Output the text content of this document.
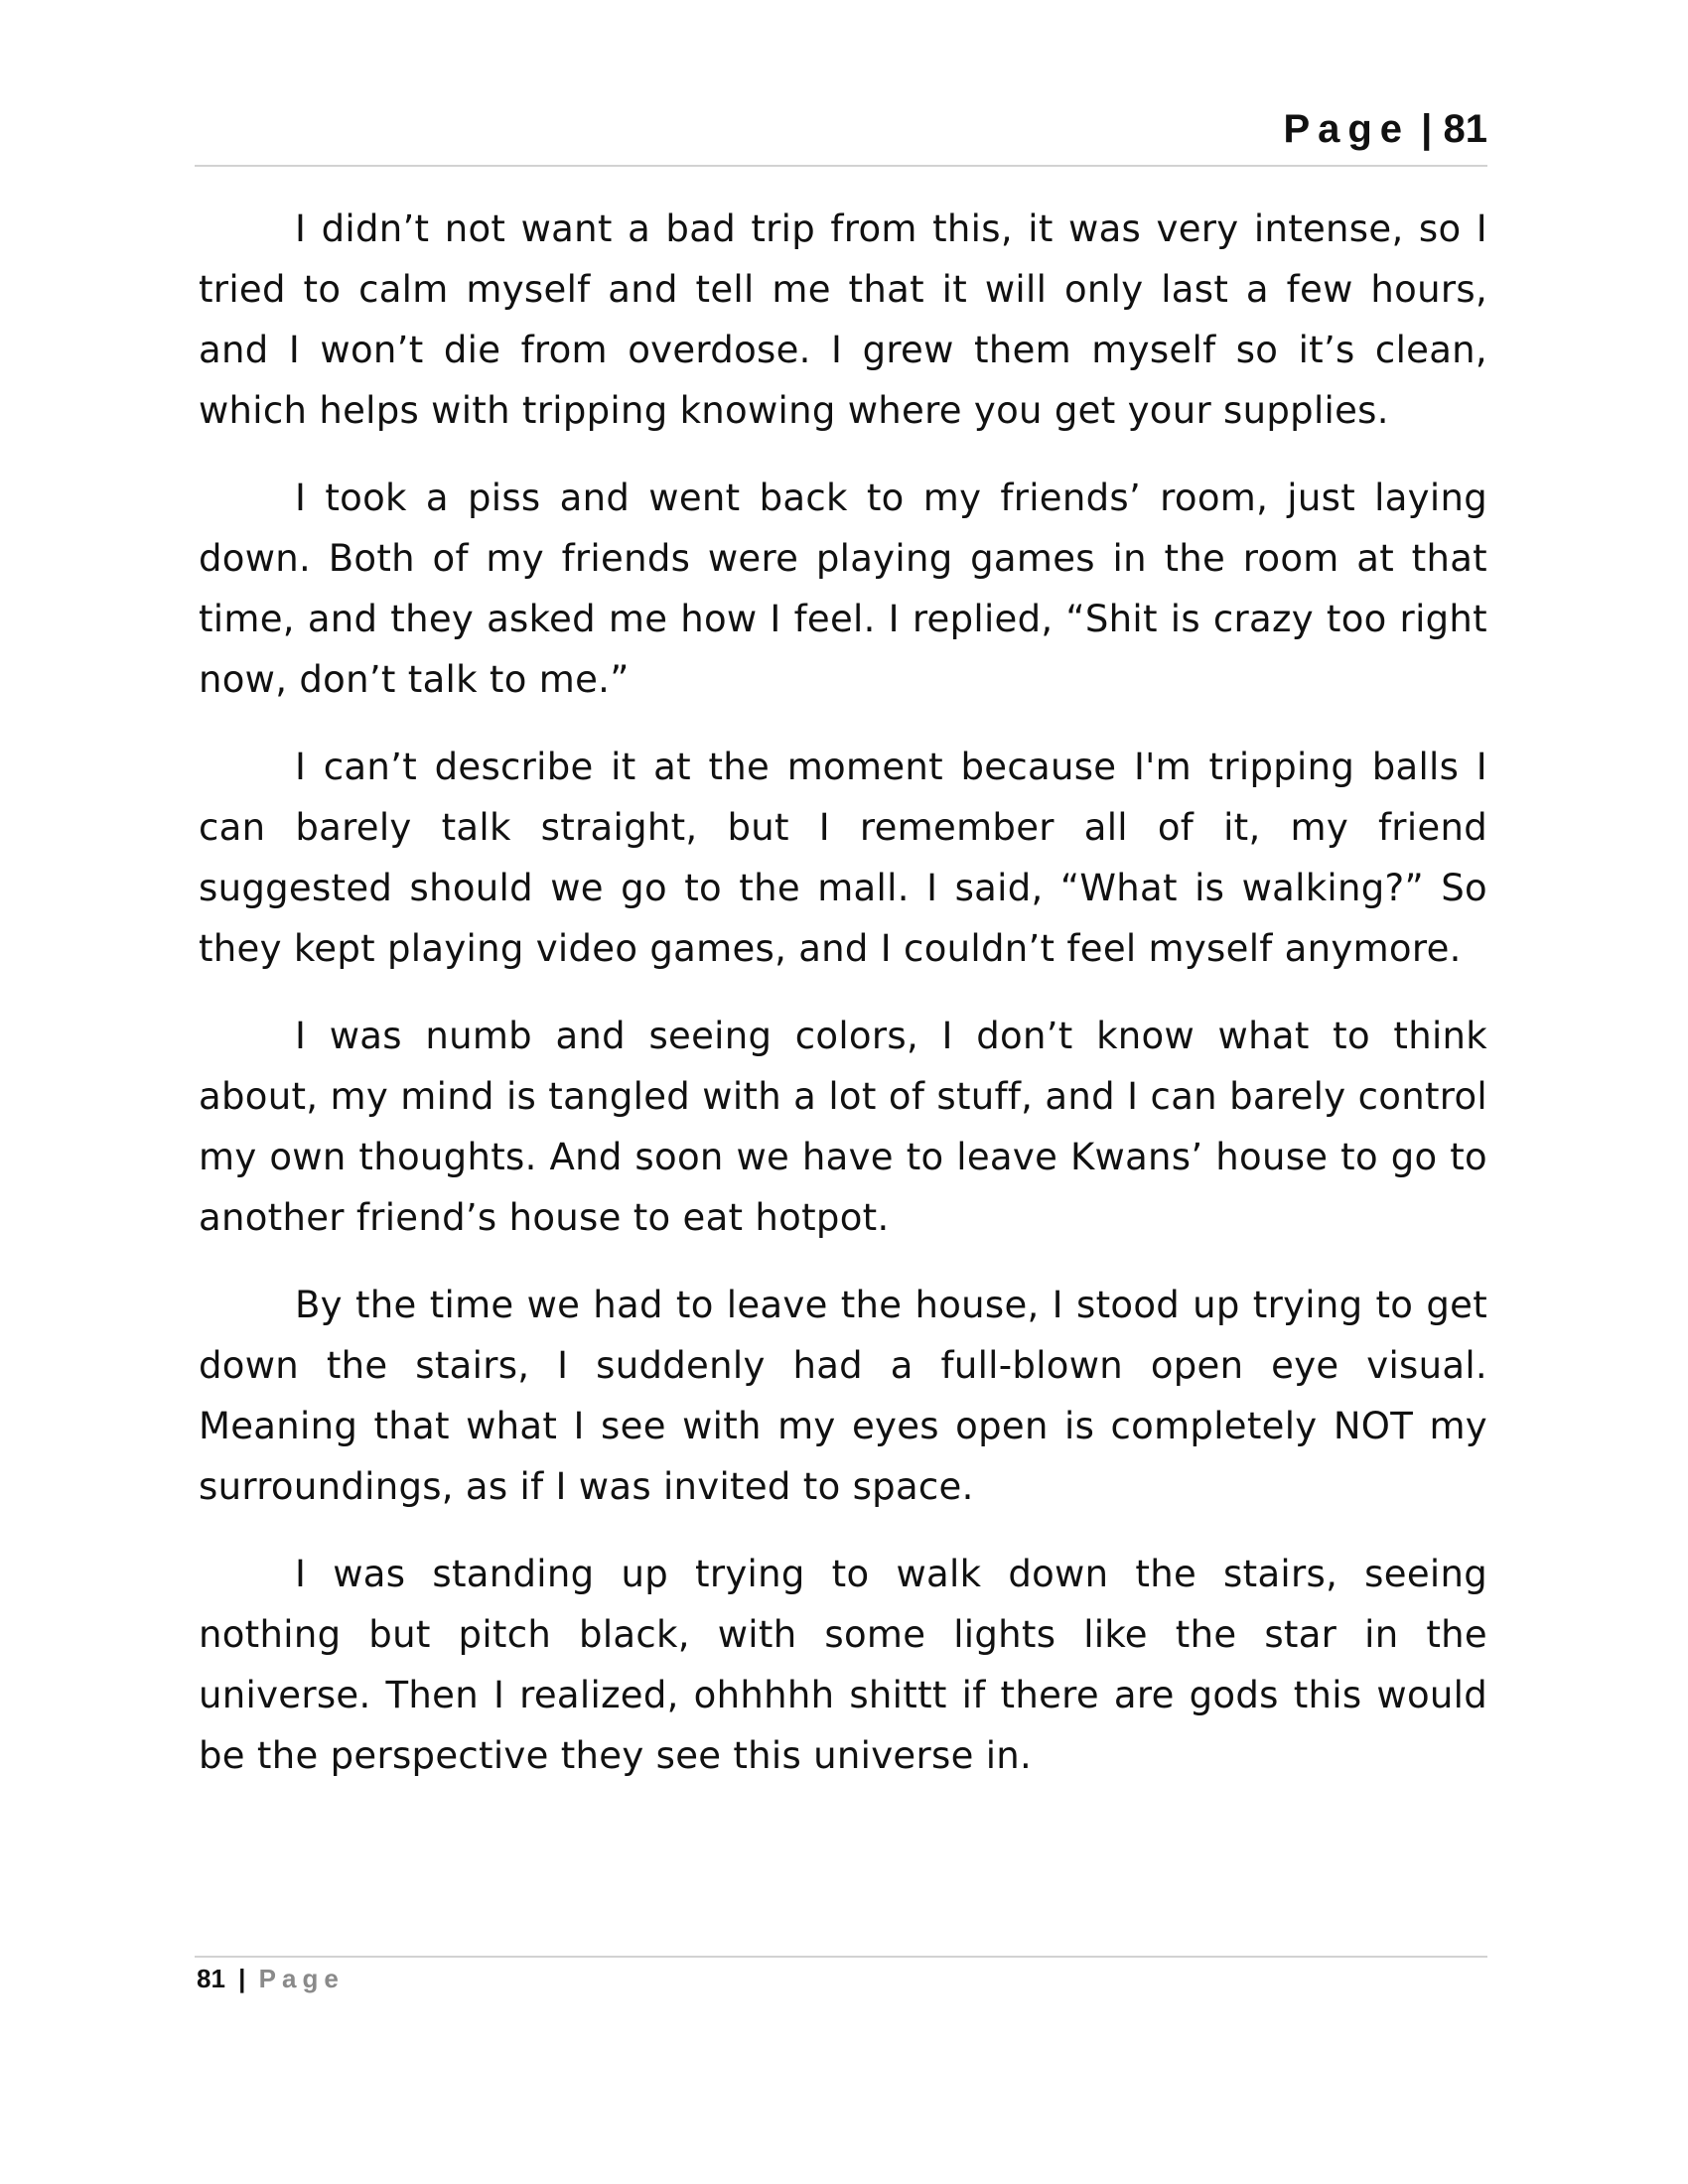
Page | 81

I didn’t not want a bad trip from this, it was very intense, so I tried to calm myself and tell me that it will only last a few hours, and I won’t die from overdose. I grew them myself so it’s clean, which helps with tripping knowing where you get your supplies.

I took a piss and went back to my friends’ room, just laying down. Both of my friends were playing games in the room at that time, and they asked me how I feel. I replied, “Shit is crazy too right now, don’t talk to me.”

I can’t describe it at the moment because I'm tripping balls I can barely talk straight, but I remember all of it, my friend suggested should we go to the mall. I said, “What is walking?” So they kept playing video games, and I couldn’t feel myself anymore.

I was numb and seeing colors, I don’t know what to think about, my mind is tangled with a lot of stuff, and I can barely control my own thoughts. And soon we have to leave Kwans’ house to go to another friend’s house to eat hotpot.

By the time we had to leave the house, I stood up trying to get down the stairs, I suddenly had a full-blown open eye visual. Meaning that what I see with my eyes open is completely NOT my surroundings, as if I was invited to space.

I was standing up trying to walk down the stairs, seeing nothing but pitch black, with some lights like the star in the universe. Then I realized, ohhhhh shittt if there are gods this would be the perspective they see this universe in.

81 | Page
